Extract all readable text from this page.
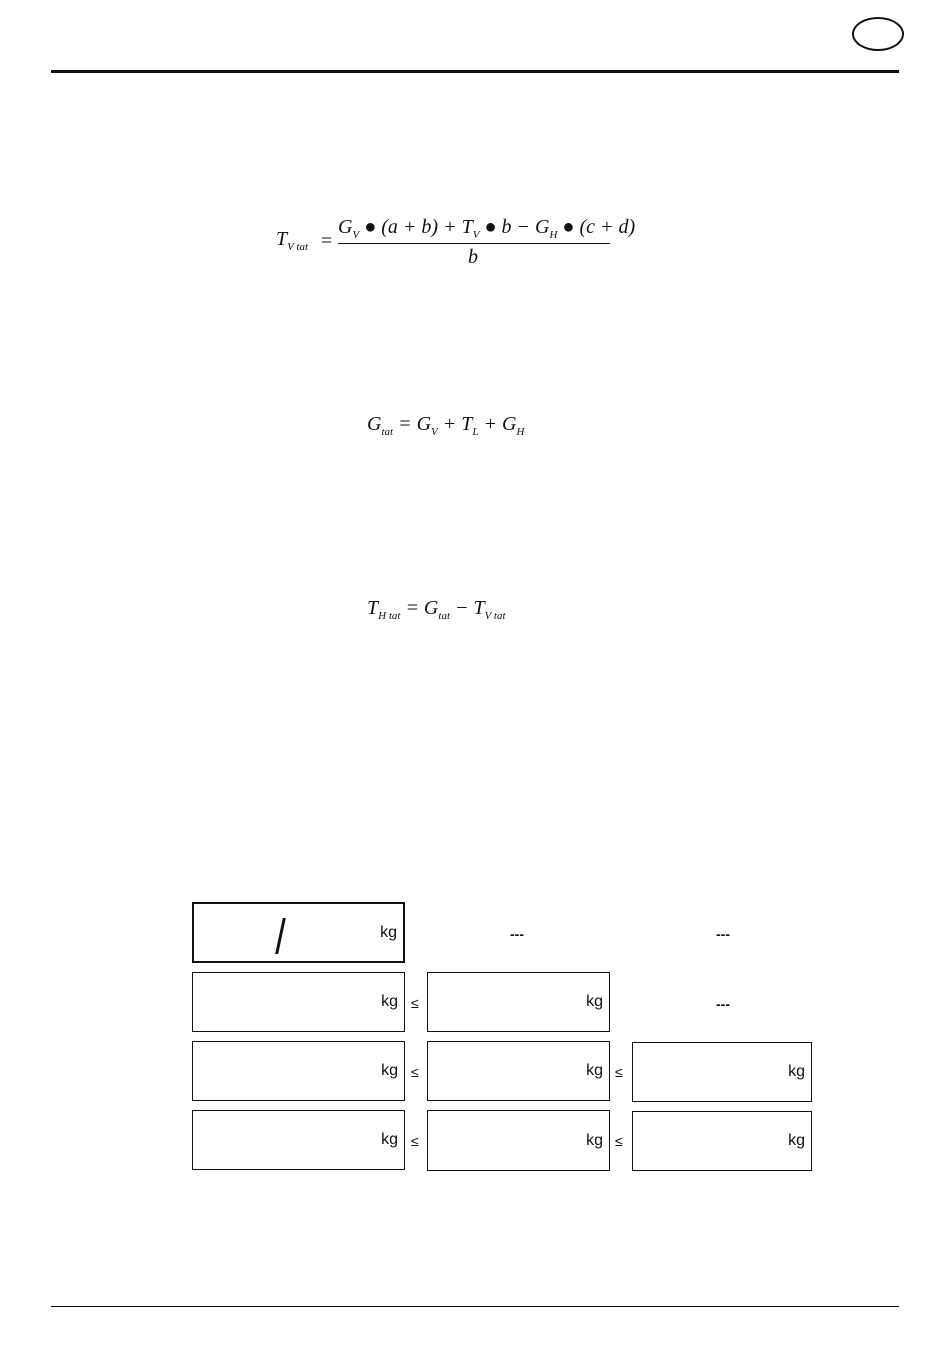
$T_{V tat}$ =
$G_V$ ● $(a + b) + T_V$ ● $b - G_H$ ● (c + d)
b
$G_{tat} = G_V + T_L + G_H$
$T_{H tat} = G_{tat} - T_{V tat}$
kg	---	---
kg ≤	kg	---
kg ≤	kg ≤	kg
kg ≤	kg ≤	kg
